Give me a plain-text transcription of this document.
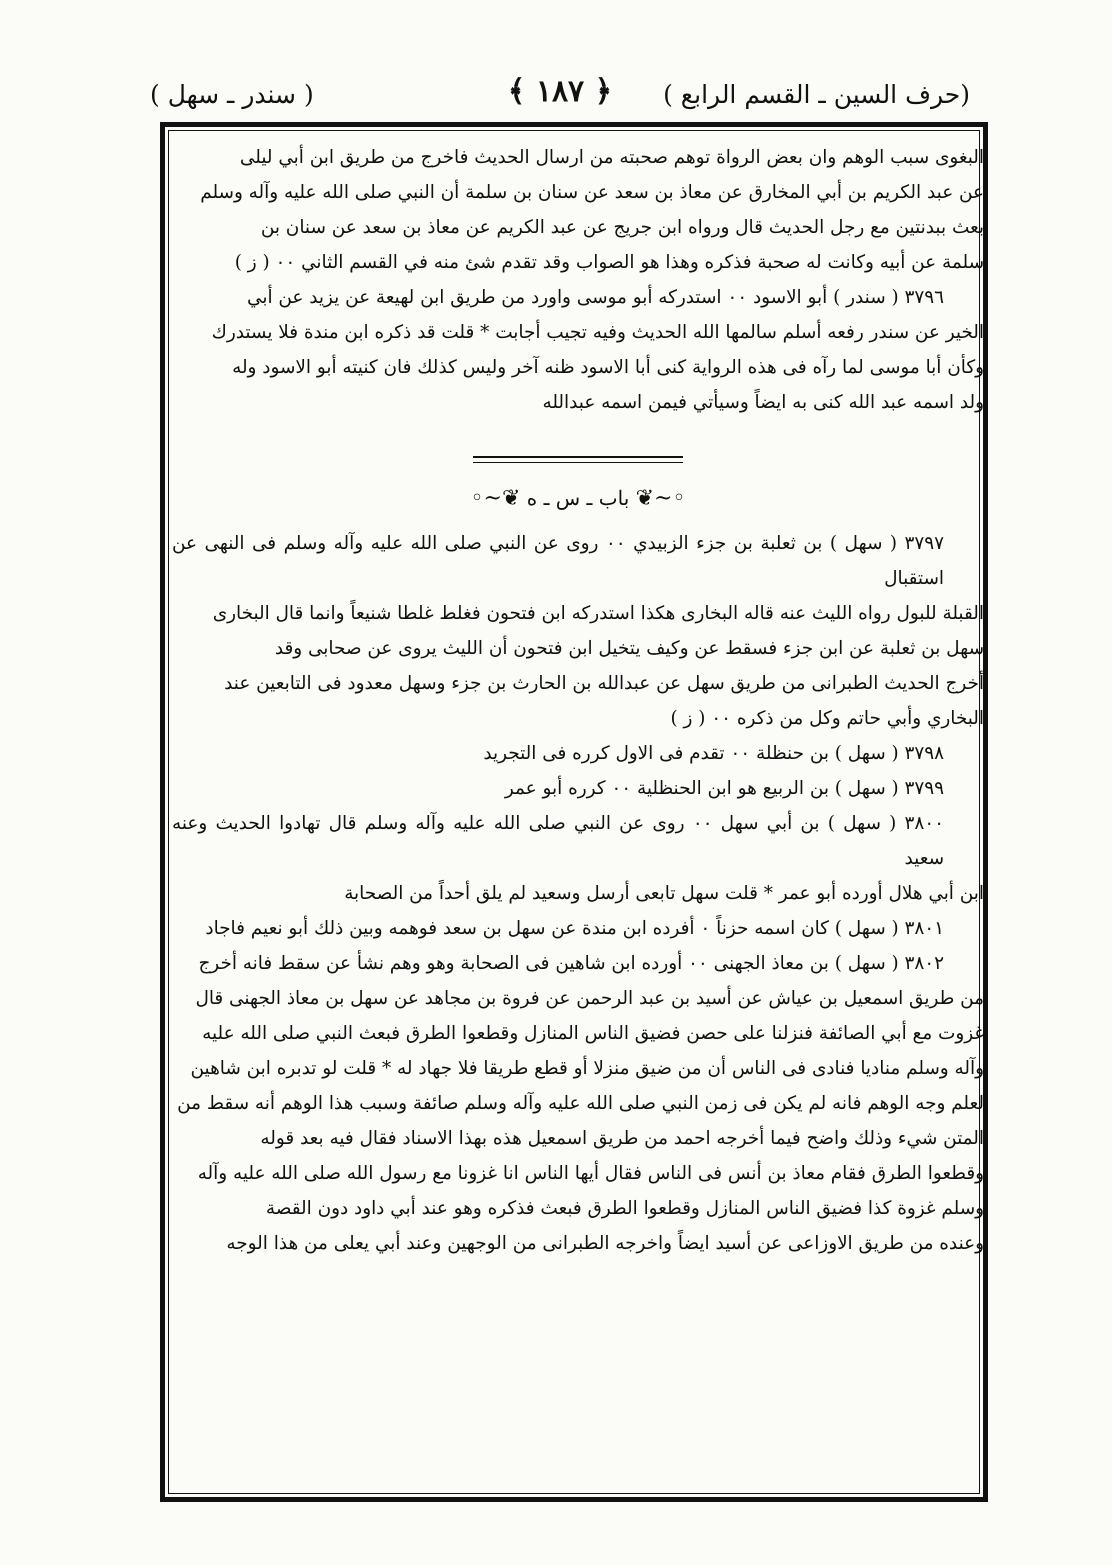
(حرف السين ـ القسم الرابع )
﴿ ١٨٧ ﴾
( سندر ـ سهل )

البغوى سبب الوهم وان بعض الرواة توهم صحبته من ارسال الحديث فاخرج من طريق ابن أبي ليلى

عن عبد الكريم بن أبي المخارق عن معاذ بن سعد عن سنان بن سلمة أن النبي صلى الله عليه وآله وسلم

بعث ببدنتين مع رجل الحديث قال ورواه ابن جريج عن عبد الكريم عن معاذ بن سعد عن سنان بن

سلمة عن أبيه وكانت له صحبة فذكره وهذا هو الصواب وقد تقدم شئ منه في القسم الثاني ٠٠ ( ز )

٣٧٩٦ ( سندر ) أبو الاسود ٠٠ استدركه أبو موسى واورد من طريق ابن لهيعة عن يزيد عن أبي

الخير عن سندر رفعه أسلم سالمها الله الحديث وفيه تجيب أجابت * قلت قد ذكره ابن مندة فلا يستدرك

وكأن أبا موسى لما رآه فى هذه الرواية كنى أبا الاسود ظنه آخر وليس كذلك فان كنيته أبو الاسود وله

ولد اسمه عبد الله كنى به ايضاً وسيأتي فيمن اسمه عبدالله

◦~❦ باب ـ س ـ ه ❦~◦

٣٧٩٧ ( سهل ) بن ثعلبة بن جزء الزبيدي ٠٠ روى عن النبي صلى الله عليه وآله وسلم فى النهى عن استقبال

القبلة للبول رواه الليث عنه قاله البخارى هكذا استدركه ابن فتحون فغلط غلطا شنيعاً وانما قال البخارى

سهل بن ثعلبة عن ابن جزء فسقط عن وكيف يتخيل ابن فتحون أن الليث يروى عن صحابى وقد

أخرج الحديث الطبرانى من طريق سهل عن عبدالله بن الحارث بن جزء وسهل معدود فى التابعين عند

البخاري وأبي حاتم وكل من ذكره ٠٠ ( ز )

٣٧٩٨ ( سهل ) بن حنظلة ٠٠ تقدم فى الاول كرره فى التجريد

٣٧٩٩ ( سهل ) بن الربيع هو ابن الحنظلية ٠٠ كرره أبو عمر

٣٨٠٠ ( سهل ) بن أبي سهل ٠٠ روى عن النبي صلى الله عليه وآله وسلم قال تهادوا الحديث وعنه سعيد

ابن أبي هلال أورده أبو عمر * قلت سهل تابعى أرسل وسعيد لم يلق أحداً من الصحابة

٣٨٠١ ( سهل ) كان اسمه حزناً ٠ أفرده ابن مندة عن سهل بن سعد فوهمه وبين ذلك أبو نعيم فاجاد

٣٨٠٢ ( سهل ) بن معاذ الجهنى ٠٠ أورده ابن شاهين فى الصحابة وهو وهم نشأ عن سقط فانه أخرج

من طريق اسمعيل بن عياش عن أسيد بن عبد الرحمن عن فروة بن مجاهد عن سهل بن معاذ الجهنى قال

غزوت مع أبي الصائفة فنزلنا على حصن فضيق الناس المنازل وقطعوا الطرق فبعث النبي صلى الله عليه

وآله وسلم مناديا فنادى فى الناس أن من ضيق منزلا أو قطع طريقا فلا جهاد له * قلت لو تدبره ابن شاهين

لعلم وجه الوهم فانه لم يكن فى زمن النبي صلى الله عليه وآله وسلم صائفة وسبب هذا الوهم أنه سقط من

المتن شيء وذلك واضح فيما أخرجه احمد من طريق اسمعيل هذه بهذا الاسناد فقال فيه بعد قوله

وقطعوا الطرق فقام معاذ بن أنس فى الناس فقال أيها الناس انا غزونا مع رسول الله صلى الله عليه وآله

وسلم غزوة كذا فضيق الناس المنازل وقطعوا الطرق فبعث فذكره وهو عند أبي داود دون القصة

وعنده من طريق الاوزاعى عن أسيد ايضاً واخرجه الطبرانى من الوجهين وعند أبي يعلى من هذا الوجه
